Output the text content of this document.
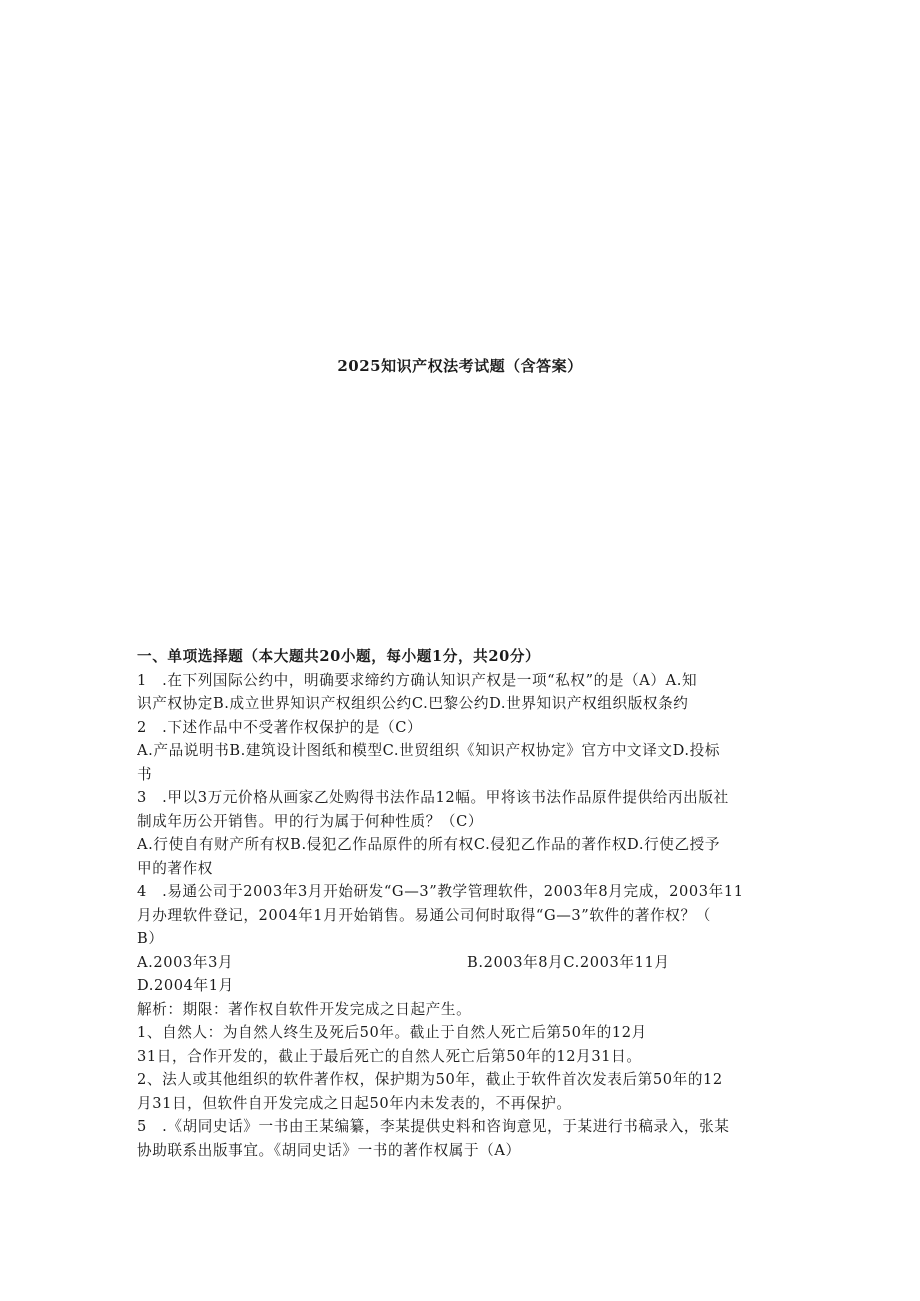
2025知识产权法考试题（含答案）
一、单项选择题（本大题共20小题，每小题1分，共20分）
1　.在下列国际公约中，明确要求缔约方确认知识产权是一项“私权”的是（A）A.知
识产权协定B.成立世界知识产权组织公约C.巴黎公约D.世界知识产权组织版权条约
2　.下述作品中不受著作权保护的是（C）
A.产品说明书B.建筑设计图纸和模型C.世贸组织《知识产权协定》官方中文译文D.投标
书
3　.甲以3万元价格从画家乙处购得书法作品12幅。甲将该书法作品原件提供给丙出版社
制成年历公开销售。甲的行为属于何种性质？（C）
A.行使自有财产所有权B.侵犯乙作品原件的所有权C.侵犯乙作品的著作权D.行使乙授予
甲的著作权
4　.易通公司于2003年3月开始研发“G—3”教学管理软件，2003年8月完成，2003年11
月办理软件登记，2004年1月开始销售。易通公司何时取得“G—3”软件的著作权？（
B）
A.2003年3月	B.2003年8月C.2003年11月
D.2004年1月
解析：期限：著作权自软件开发完成之日起产生。
1、自然人：为自然人终生及死后50年。截止于自然人死亡后第50年的12月
31日，合作开发的，截止于最后死亡的自然人死亡后第50年的12月31日。
2、法人或其他组织的软件著作权，保护期为50年，截止于软件首次发表后第50年的12
月31日，但软件自开发完成之日起50年内未发表的，不再保护。
5　.《胡同史话》一书由王某编纂，李某提供史料和咨询意见，于某进行书稿录入，张某
协助联系出版事宜。《胡同史话》一书的著作权属于（A）
